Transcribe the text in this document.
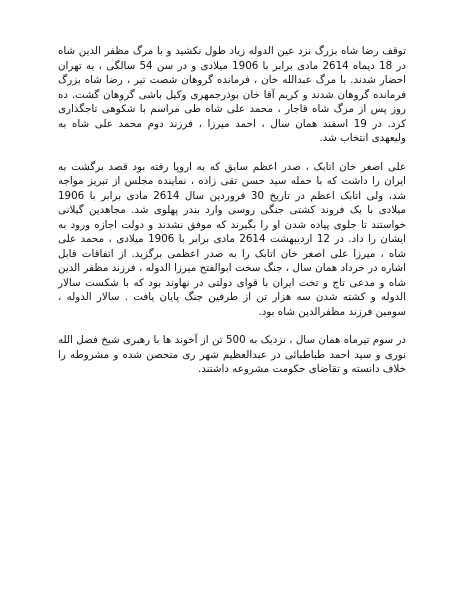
توقف رضا شاه بزرگ نزد عین الدوله زیاد طول نکشید و با مرگ مظفر الدین شاه در 18 دیماه 2614 مادی برابر با 1906 میلادی و در سن 54 سالگی ، به تهران احضار شدند. با مرگ عبدالله خان ، فرمانده گروهان شصت تیر ، رضا شاه بزرگ فرمانده گروهان شدند و کریم آقا خان بوذرجمهری وکیل باشی گروهان گشت. ده روز پس از مرگ شاه قاجار ، محمد علی شاه طی مراسم با شکوهی تاجگذاری کرد. در 19 اسفند همان سال ، احمد میرزا ، فرزند دوم محمد علی شاه به ولیعهدی انتخاب شد.

علی اصغر خان اتابک ، صدر اعظم سابق که به اروپا رفته بود قصد برگشت به ایران را داشت که با حمله سید حسن تقی زاده ، نماینده مجلس از تبریز مواجه شد، ولی اتابک اعظم در تاریخ 30 فروردین سال 2614 مادی برابر با 1906 میلادی با یک فروند کشتی جنگی روسی وارد بندر پهلوی شد. مجاهدین گیلانی خواستند تا جلوی پیاده شدن او را بگیرند که موفق نشدند و دولت اجازه ورود به ایشان را داد. در 12 اردیبهشت 2614 مادی برابر با 1906 میلادی ، محمد علی شاه ، میرزا علی اصغر خان اتابک را به صدر اعظمی برگزید. از اتفاقات قابل اشاره در خرداد همان سال ، جنگ سخت ابوالفتح میرزا الدوله ، فرزند مظفر الدین شاه و مدعی تاج و تخت ایران با قوای دولتی در نهاوند بود که با شکست سالار الدوله و کشته شدن سه هزار تن از طرفین جنگ پایان یافت . سالار الدوله ، سومین فرزند مظفرالدین شاه بود.

در سوم تیرماه همان سال ، نزدیک به 500 تن از آخوند ها با رهبری شیخ فضل الله نوری و سید احمد طباطبائی در عبدالعظیم شهر ری متحصن شده و مشروطه را خلاف دانسته و تقاضای حکومت مشروعه داشتند.
